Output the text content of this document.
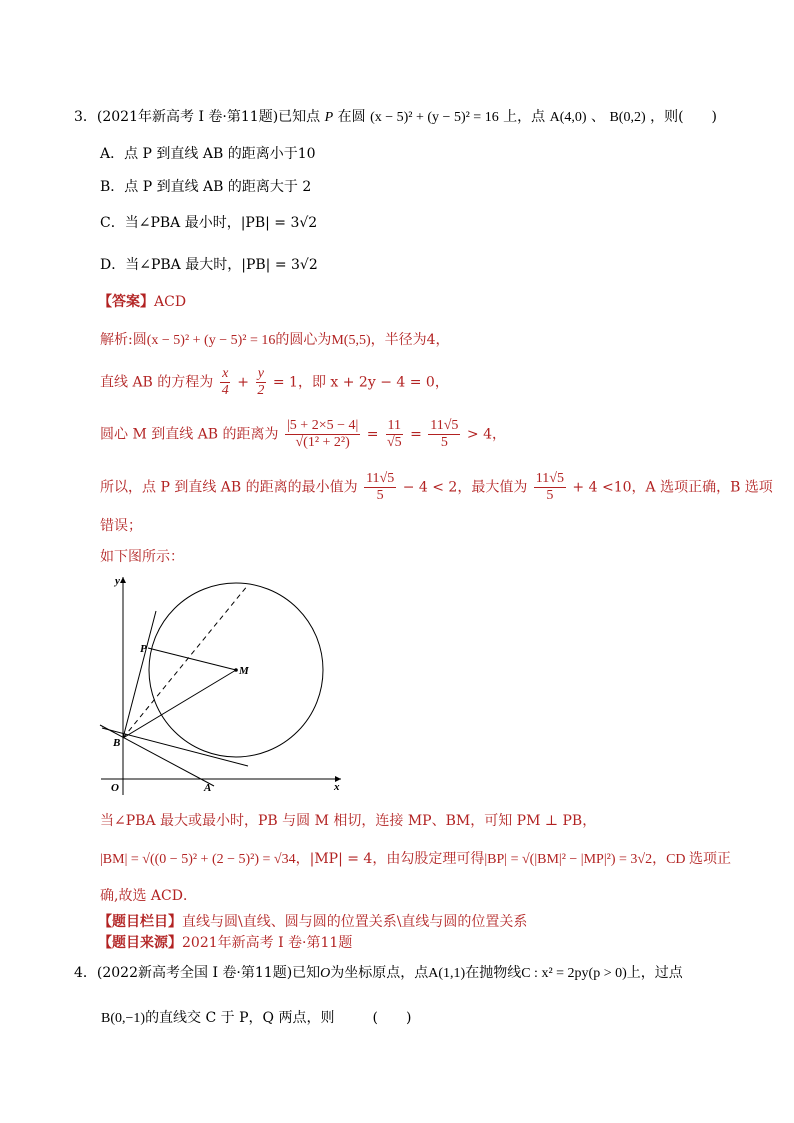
3．(2021年新高考 I 卷·第11题)已知点 P 在圆 (x − 5)² + (y − 5)² = 16 上，点 A(4,0) 、 B(0,2) ，则(　　)
A．点 P 到直线 AB 的距离小于10
B．点 P 到直线 AB 的距离大于 2
C．当∠PBA 最小时，|PB| = 3√2
D．当∠PBA 最大时，|PB| = 3√2
【答案】ACD
解析:圆(x − 5)² + (y − 5)² = 16的圆心为M(5,5)，半径为4，
直线 AB 的方程为 $\frac{x}{4} + \frac{y}{2} = 1$，即 x + 2y − 4 = 0，
圆心 M 到直线 AB 的距离为 $\frac{|5 + 2\times 5 - 4|}{\text{√(1² + 2²)}} = \frac{11}{√5} = \frac{11√5}{5} > 4$，
所以，点 P 到直线 AB 的距离的最小值为 $\frac{11√5}{5} - 4 < 2$，最大值为 $\frac{11√5}{5} + 4 <10$，A 选项正确，B 选项
错误；
如下图所示：
y
x
O	A
B
P
M
当∠PBA 最大或最小时，PB 与圆 M 相切，连接 MP、BM，可知 PM ⊥ PB，
|BM| = √((0 − 5)² + (2 − 5)²) = √34，|MP| = 4，由勾股定理可得|BP| = √(|BM|² − |MP|²) = 3√2，CD 选项正
确,故选 ACD．
【题目栏目】直线与圆\直线、圆与圆的位置关系\直线与圆的位置关系
【题目来源】2021年新高考 I 卷·第11题
4．(2022新高考全国 I 卷·第11题)已知O为坐标原点，点A(1,1)在抛物线C : x² = 2py(p > 0)上，过点
B(0,−1)的直线交 C 于 P，Q 两点，则	(　　)
